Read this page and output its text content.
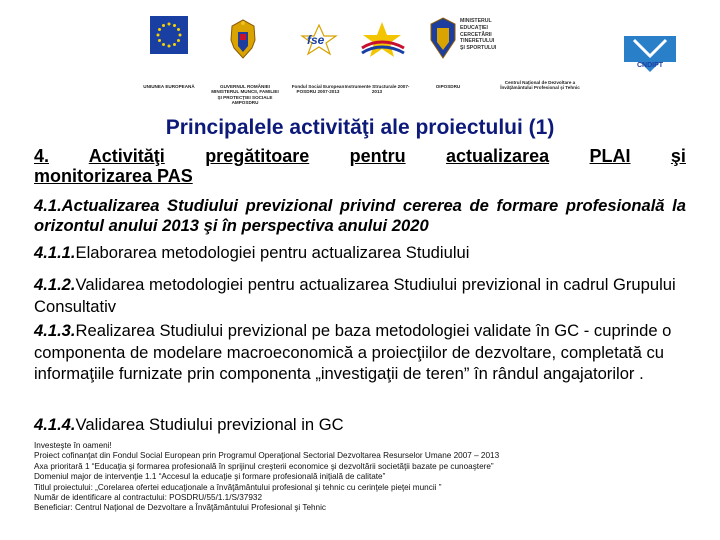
UNIUNEA EUROPEANĂ	GUVERNUL ROMÂNIEI MINISTERUL MUNCII, FAMILIEI ŞI PROTECŢIEI SOCIALE AMPOSDRU
fse
Fondul Social European POSDRU 2007-2013
Instrumente Structurale 2007-2013
MINISTERUL
EDUCAŢIEI
CERCETĂRII
TINERETULUI
ŞI SPORTULUI
OIPOSDRU
CNDIPT
Centrul Naţional de Dezvoltare a Învăţământului Profesional şi Tehnic
Principalele activităţi ale proiectului (1)
4. Activităţi pregătitoare pentru actualizarea PLAI şi
monitorizarea PAS
4.1.Actualizarea Studiului previzional privind cererea de formare profesională la orizontul anului 2013 şi în perspectiva anului 2020
4.1.1.Elaborarea metodologiei pentru actualizarea Studiului
4.1.2.Validarea metodologiei pentru actualizarea Studiului previzional in cadrul Grupului Consultativ
4.1.3.Realizarea Studiului previzional pe baza metodologiei validate în GC - cuprinde o componenta de modelare macroeconomică a proiecţiilor de dezvoltare, completată cu informaţiile furnizate prin componenta „investigaţii de teren” în rândul angajatorilor .
4.1.4.Validarea Studiului previzional in GC
Investeşte în oameni!
Proiect cofinanţat din Fondul Social European prin Programul Operaţional Sectorial Dezvoltarea Resurselor Umane 2007 – 2013
Axa prioritară 1 “Educaţia şi formarea profesională în sprijinul creşterii economice şi dezvoltării societăţii bazate pe cunoaştere”
Domeniul major de intervenţie 1.1 “Accesul la educaţie şi formare profesională iniţială de calitate”
Titlul proiectului: „Corelarea ofertei educaţionale a învăţământului profesional şi tehnic cu cerinţele pieţei muncii ”
Număr de identificare al contractului: POSDRU/55/1.1/S/37932
Beneficiar: Centrul Naţional de Dezvoltare a Învăţământului Profesional şi Tehnic
